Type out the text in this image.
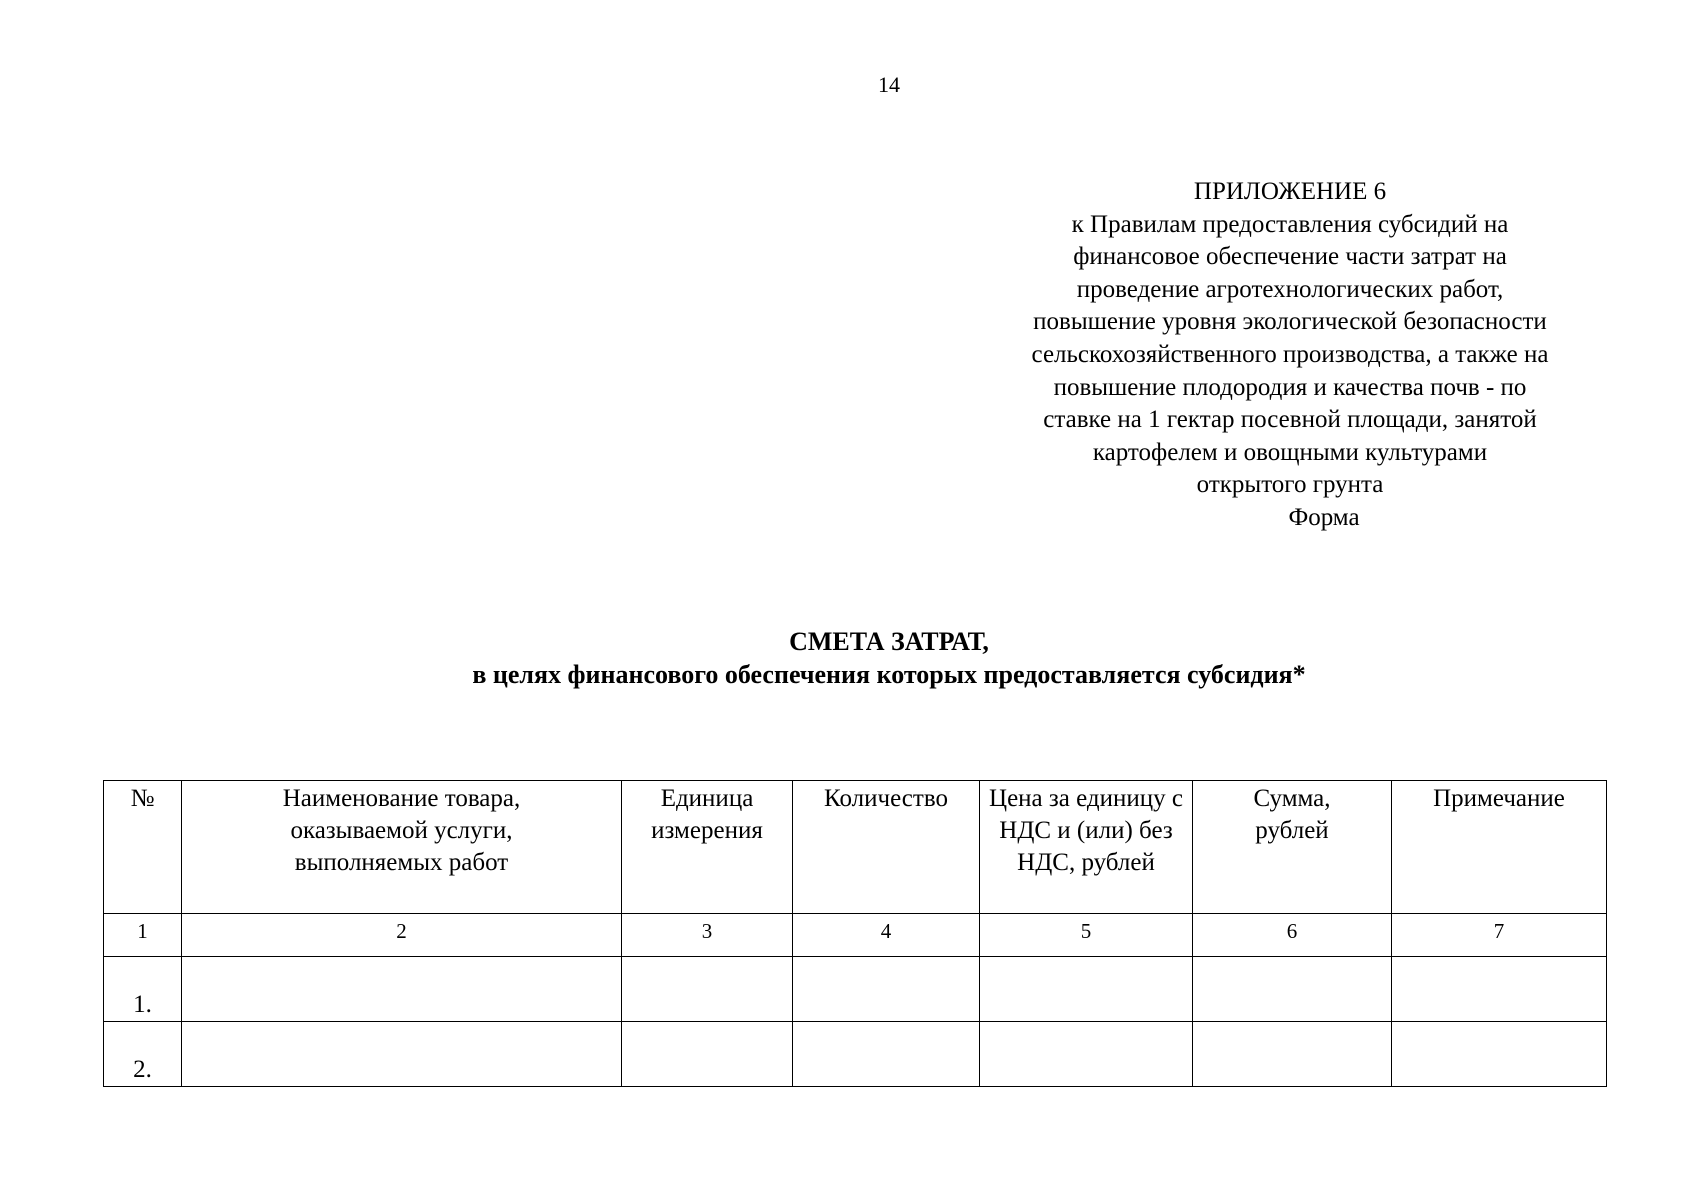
14
ПРИЛОЖЕНИЕ 6
к Правилам предоставления субсидий на
финансовое обеспечение части затрат на
проведение агротехнологических работ,
повышение уровня экологической безопасности
сельскохозяйственного производства, а также на
повышение плодородия и качества почв - по
ставке на 1 гектар посевной площади, занятой
картофелем и овощными культурами
открытого грунта
Форма
СМЕТА ЗАТРАТ,
в целях финансового обеспечения которых предоставляется субсидия*
№	Наименование товара, оказываемой услуги, выполняемых работ	Единица измерения	Количество	Цена за единицу с НДС и (или) без НДС, рублей	Сумма, рублей	Примечание

1	2	3	4	5	6	7
1.						
2.						
